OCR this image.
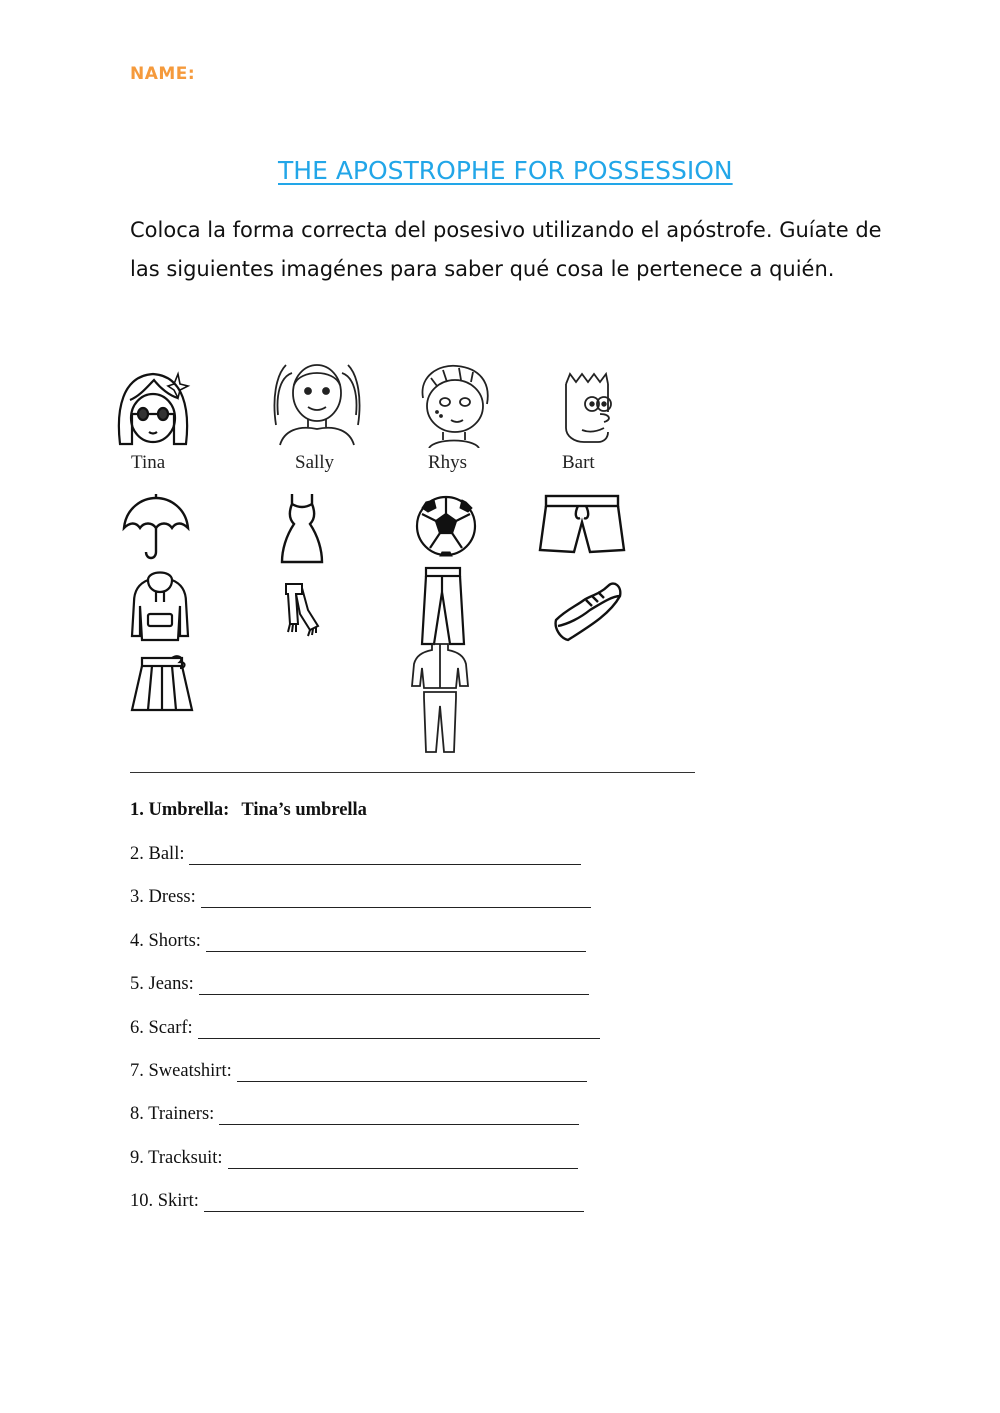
NAME:
THE APOSTROPHE FOR POSSESSION
Coloca la forma correcta del posesivo utilizando el apóstrofe. Guíate de
las siguientes imagénes para saber qué cosa le pertenece a quién.
Tina	Sally	Rhys	Bart
1. Umbrella: Tina’s umbrella
2. Ball:
3. Dress:
4. Shorts:
5. Jeans:
6. Scarf:
7. Sweatshirt:
8. Trainers:
9. Tracksuit:
10. Skirt:
